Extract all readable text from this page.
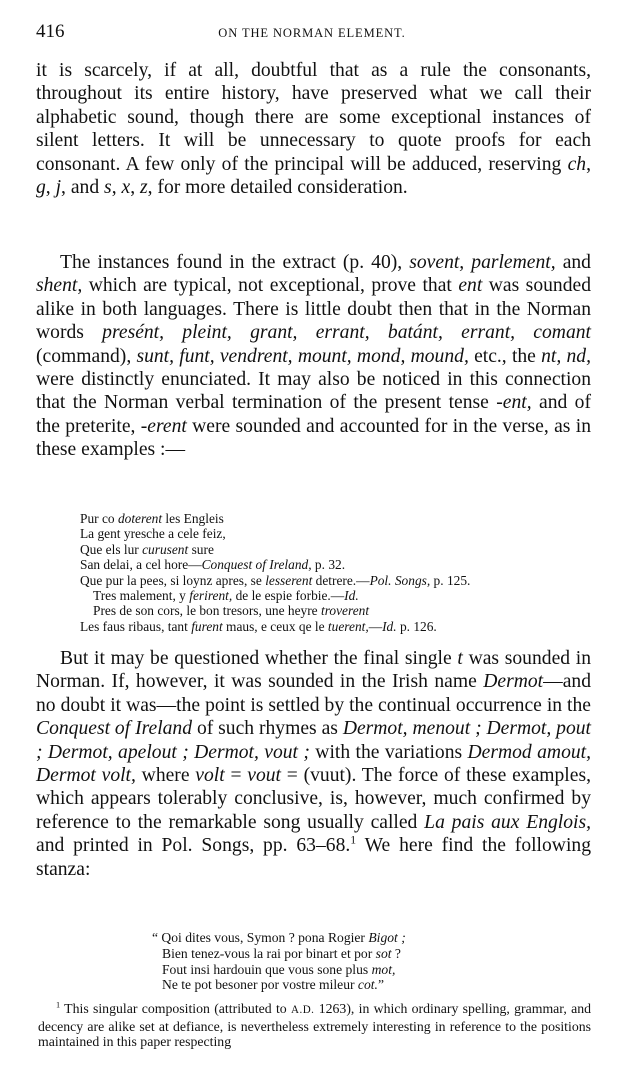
416	ON THE NORMAN ELEMENT.

it is scarcely, if at all, doubtful that as a rule the consonants, throughout its entire history, have preserved what we call their alphabetic sound, though there are some exceptional instances of silent letters. It will be unnecessary to quote proofs for each consonant. A few only of the principal will be adduced, reserving ch, g, j, and s, x, z, for more detailed consideration.

The instances found in the extract (p. 40), sovent, parlement, and shent, which are typical, not exceptional, prove that ent was sounded alike in both languages. There is little doubt then that in the Norman words presént, pleint, grant, errant, batánt, errant, comant (command), sunt, funt, vendrent, mount, mond, mound, etc., the nt, nd, were distinctly enunciated. It may also be noticed in this connection that the Norman verbal termination of the present tense -ent, and of the preterite, -erent were sounded and accounted for in the verse, as in these examples :—

Pur co doterent les Engleis
La gent yresche a cele feiz,
Que els lur curusent sure
San delai, a cel hore—Conquest of Ireland, p. 32.
Que pur la pees, si loynz apres, se lesserent detrere.—Pol. Songs, p. 125.
Tres malement, y ferirent, de le espie forbie.—Id.
Pres de son cors, le bon tresors, une heyre troverent
Les faus ribaus, tant furent maus, e ceux qe le tuerent,—Id. p. 126.

But it may be questioned whether the final single t was sounded in Norman. If, however, it was sounded in the Irish name Dermot—and no doubt it was—the point is settled by the continual occurrence in the Conquest of Ireland of such rhymes as Dermot, menout ; Dermot, pout ; Dermot, apelout ; Dermot, vout ; with the variations Dermod amout, Dermot volt, where volt = vout = (vuut). The force of these examples, which appears tolerably conclusive, is, however, much confirmed by reference to the remarkable song usually called La pais aux Englois, and printed in Pol. Songs, pp. 63–68.$^1$ We here find the following stanza:

“ Qoi dites vous, Symon ? pona Rogier Bigot ;
Bien tenez-vous la rai por binart et por sot ?
Fout insi hardouin que vous sone plus mot,
Ne te pot besoner por vostre mileur cot.”

$^1$ This singular composition (attributed to A.D. 1263), in which ordinary spelling, grammar, and decency are alike set at defiance, is nevertheless extremely interesting in reference to the positions maintained in this paper respecting
